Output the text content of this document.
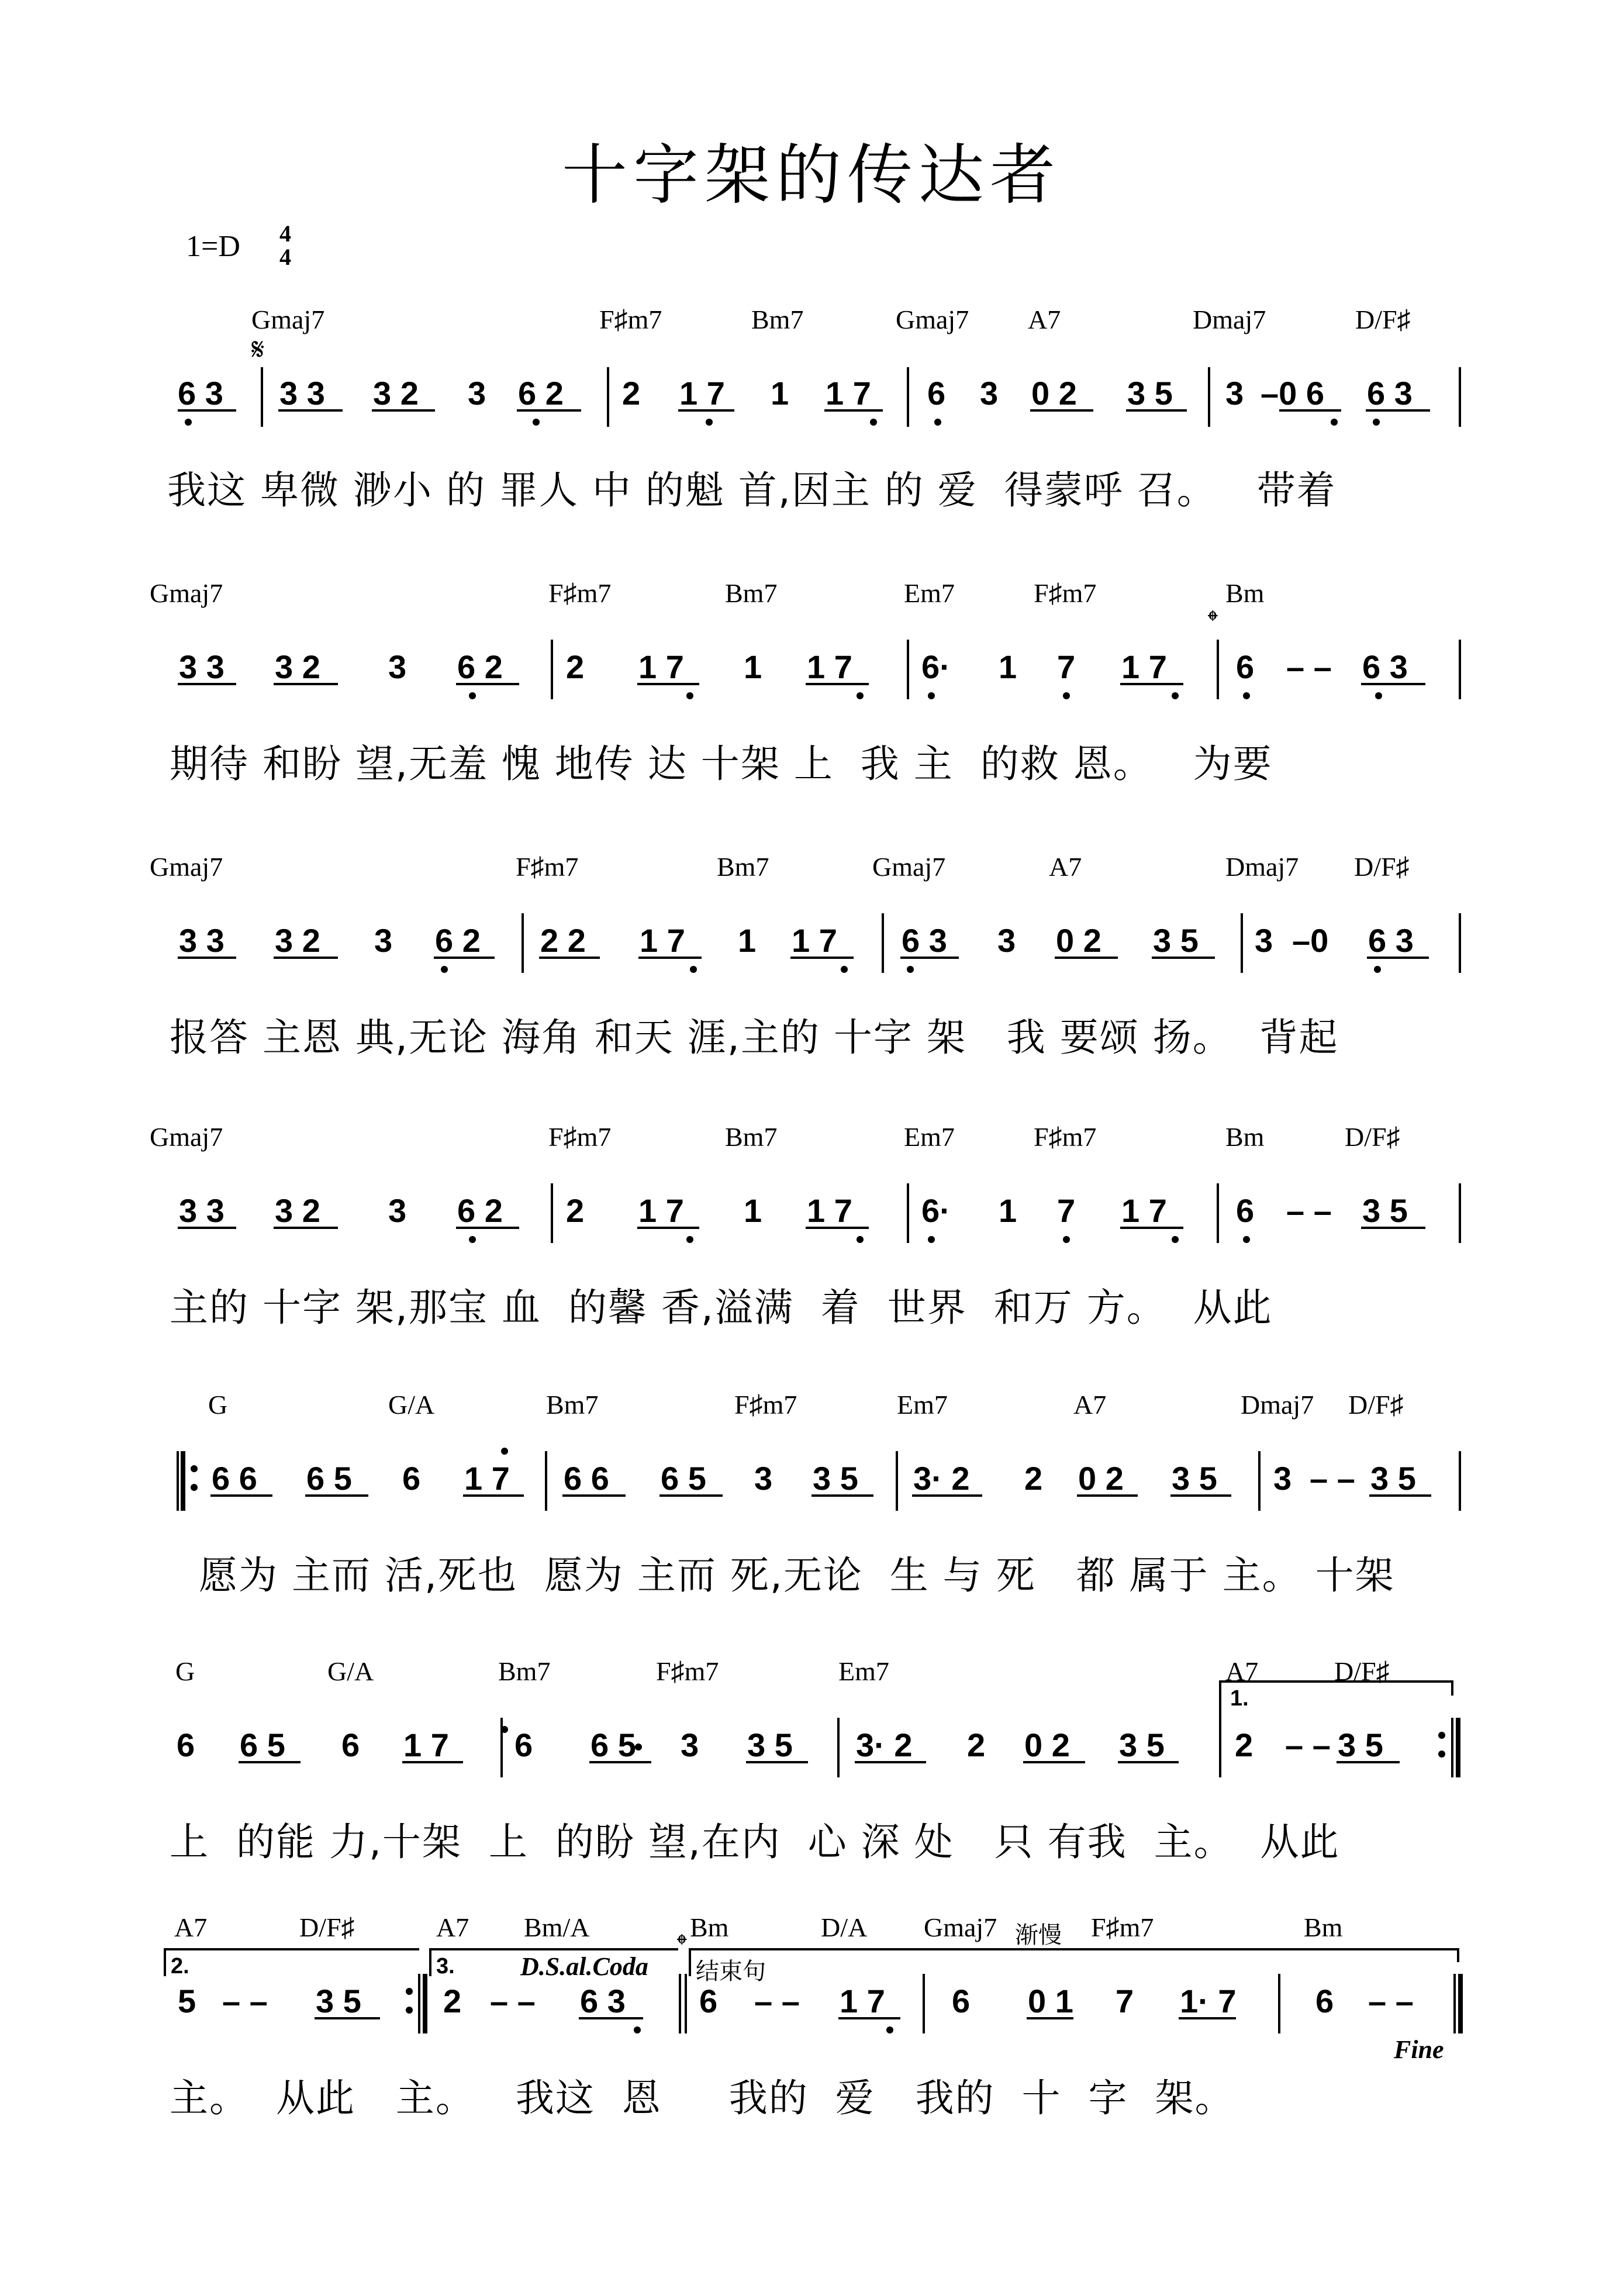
十字架的传达者
1=D 4
4
Gmaj7	F♯m7	Bm7	Gmaj7 A7	Dmaj7	D/F♯
𝄋
6 3 3 3 3 2 3 6 2 2 1 7 1 1 7 6 3 0 2 3 5 3 –0 6 6 3
我这 卑微 渺小 的 罪人 中 的魁 首,因主 的 爱  得蒙呼 召。   带着
Gmaj7	F♯m7	Bm7	Em7	F♯m7	Bm
𝄌
3 3 3 2 3 6 2 2 1 7 1 1 7 6· 1 7 1 7 6 – – 6 3
期待 和盼 望,无羞 愧 地传 达 十架 上  我 主  的救 恩。   为要
Gmaj7	F♯m7	Bm7	Gmaj7	A7	Dmaj7 D/F♯
3 3 3 2 3 6 2 2 2 1 7 1 1 7 6 3 3 0 2 3 5 3 –0 6 3
报答 主恩 典,无论 海角 和天 涯,主的 十字 架   我 要颂 扬。  背起
Gmaj7	F♯m7	Bm7	Em7	F♯m7	Bm	D/F♯
3 3 3 2 3 6 2 2 1 7 1 1 7 6· 1 7 1 7 6 – – 3 5
主的 十字 架,那宝 血  的馨 香,溢满  着  世界  和万 方。  从此
G	G/A	Bm7	F♯m7	Em7	A7	Dmaj7 D/F♯
6 6 6 5 6 1 7 6 6 6 5 3 3 5 3· 2 2 0 2 3 5 3 – – 3 5
愿为 主而 活,死也  愿为 主而 死,无论  生 与 死   都 属于 主。 十架
G	G/A	Bm7	F♯m7	Em7	A7	D/F♯
1.
6 6 5 6 1 7 6 6 5 3 3 5 3· 2 2 0 2 3 5 2 – – 3 5
上  的能 力,十架  上  的盼 望,在内  心 深 处   只 有我  主。  从此
A7	D/F♯	A7 Bm/A	Bm	D/A Gmaj7	F♯m7	Bm
𝄌	渐慢
2.	3.	D.S.al.Coda 结束句
5 – – 3 5	2 – – 6 3 6 – – 1 7 6 0 1 7 1· 7 6 – –
Fine
主。  从此   主。   我这  恩     我的  爱   我的  十  字  架。
